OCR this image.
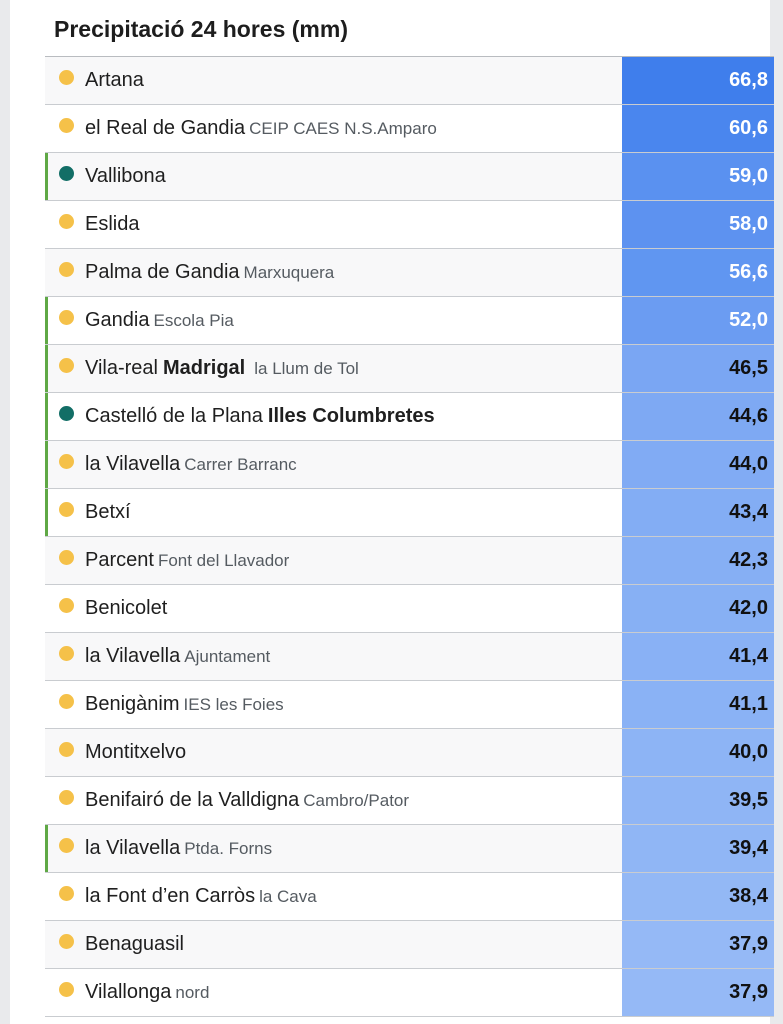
Precipitació 24 hores (mm)
Artana	66,8
el Real de Gandia CEIP CAES N.S.Amparo	60,6
Vallibona	59,0
Eslida	58,0
Palma de Gandia Marxuquera	56,6
Gandia Escola Pia	52,0
Vila-real Madrigal la Llum de Tol	46,5
Castelló de la Plana Illes Columbretes	44,6
la Vilavella Carrer Barranc	44,0
Betxí	43,4
Parcent Font del Llavador	42,3
Benicolet	42,0
la Vilavella Ajuntament	41,4
Benigànim IES les Foies	41,1
Montitxelvo	40,0
Benifairó de la Valldigna Cambro/Pator	39,5
la Vilavella Ptda. Forns	39,4
la Font d’en Carròs la Cava	38,4
Benaguasil	37,9
Vilallonga nord	37,9
